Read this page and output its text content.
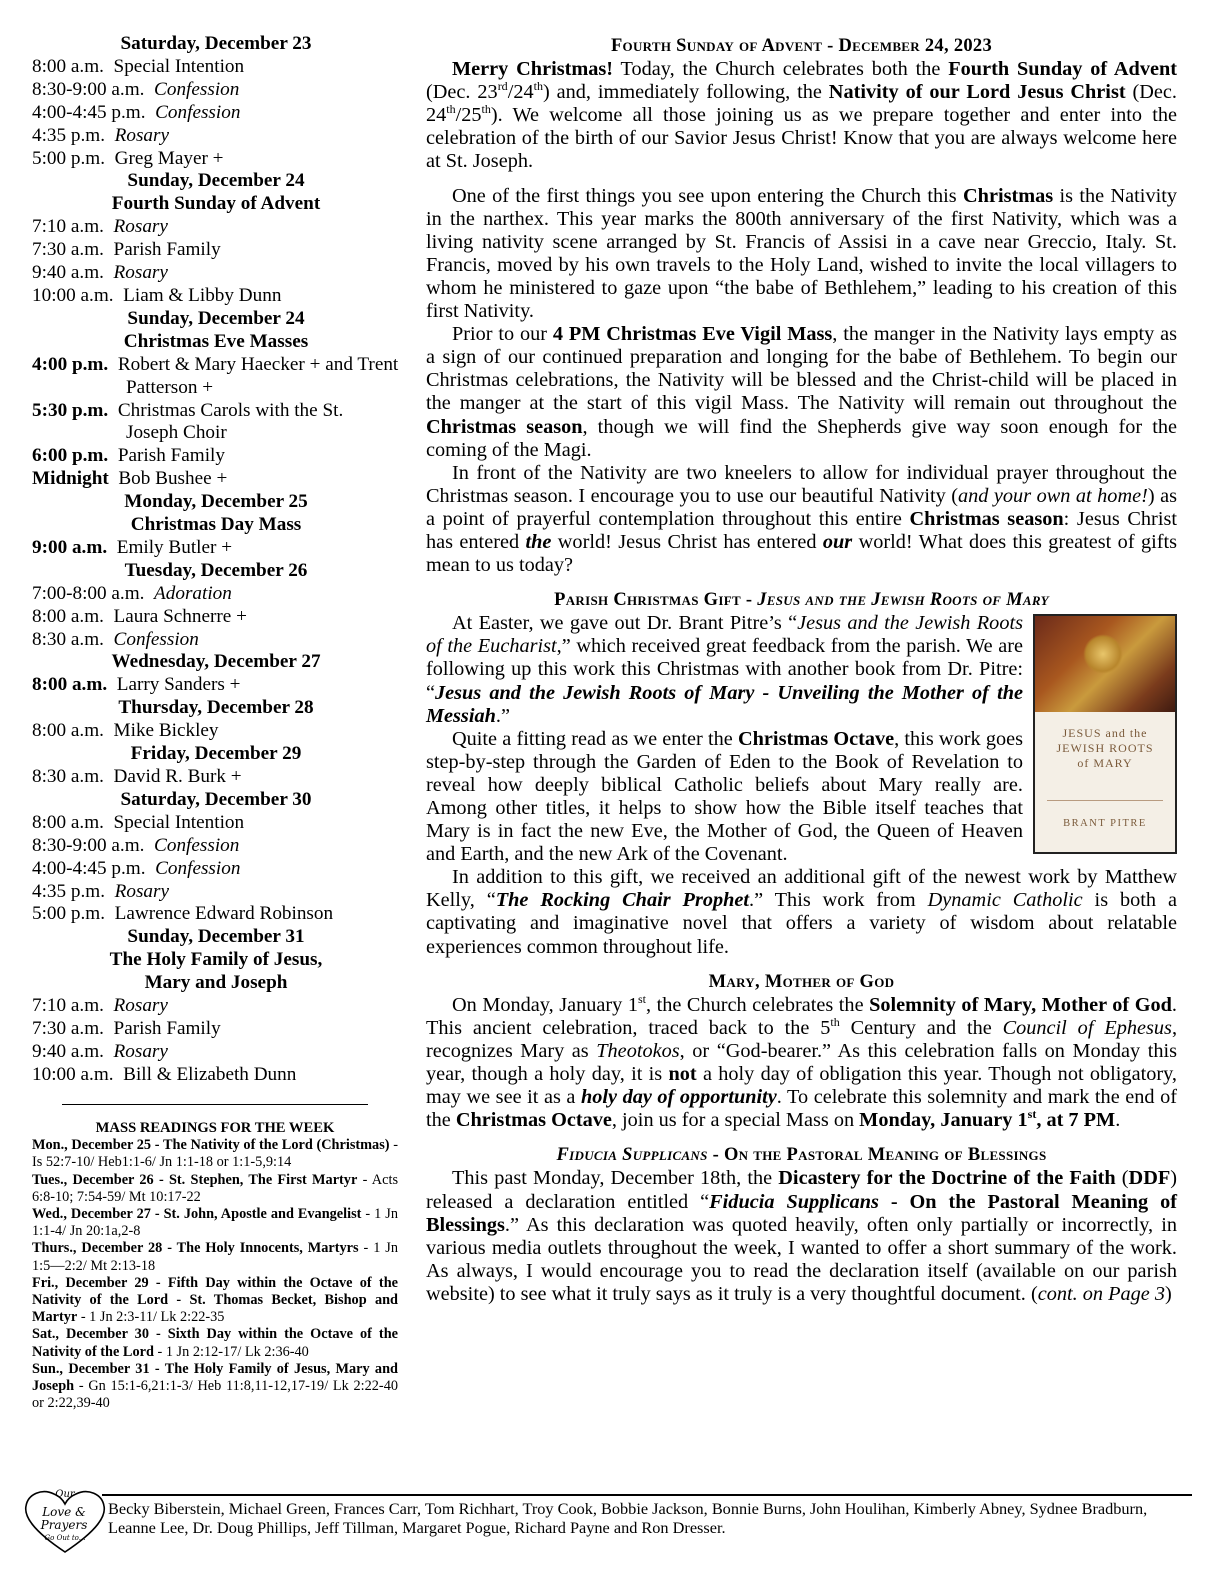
Saturday, December 23
8:00 a.m. Special Intention
8:30-9:00 a.m. Confession
4:00-4:45 p.m. Confession
4:35 p.m. Rosary
5:00 p.m. Greg Mayer +
Sunday, December 24
Fourth Sunday of Advent
7:10 a.m. Rosary
7:30 a.m. Parish Family
9:40 a.m. Rosary
10:00 a.m. Liam & Libby Dunn
Sunday, December 24
Christmas Eve Masses
4:00 p.m. Robert & Mary Haecker + and Trent Patterson +
5:30 p.m. Christmas Carols with the St. Joseph Choir
6:00 p.m. Parish Family
Midnight Bob Bushee +
Monday, December 25
Christmas Day Mass
9:00 a.m. Emily Butler +
Tuesday, December 26
7:00-8:00 a.m. Adoration
8:00 a.m. Laura Schnerre +
8:30 a.m. Confession
Wednesday, December 27
8:00 a.m. Larry Sanders +
Thursday, December 28
8:00 a.m. Mike Bickley
Friday, December 29
8:30 a.m. David R. Burk +
Saturday, December 30
8:00 a.m. Special Intention
8:30-9:00 a.m. Confession
4:00-4:45 p.m. Confession
4:35 p.m. Rosary
5:00 p.m. Lawrence Edward Robinson
Sunday, December 31
The Holy Family of Jesus,
Mary and Joseph
7:10 a.m. Rosary
7:30 a.m. Parish Family
9:40 a.m. Rosary
10:00 a.m. Bill & Elizabeth Dunn
MASS READINGS FOR THE WEEK

Mon., December 25 - The Nativity of the Lord (Christmas) - Is 52:7-10/ Heb1:1-6/ Jn 1:1-18 or 1:1-5,9:14

Tues., December 26 - St. Stephen, The First Martyr - Acts 6:8-10; 7:54-59/ Mt 10:17-22

Wed., December 27 - St. John, Apostle and Evangelist - 1 Jn 1:1-4/ Jn 20:1a,2-8

Thurs., December 28 - The Holy Innocents, Martyrs - 1 Jn 1:5—2:2/ Mt 2:13-18

Fri., December 29 - Fifth Day within the Octave of the Nativity of the Lord - St. Thomas Becket, Bishop and Martyr - 1 Jn 2:3-11/ Lk 2:22-35

Sat., December 30 - Sixth Day within the Octave of the Nativity of the Lord - 1 Jn 2:12-17/ Lk 2:36-40

Sun., December 31 - The Holy Family of Jesus, Mary and Joseph - Gn 15:1-6,21:1-3/ Heb 11:8,11-12,17-19/ Lk 2:22-40 or 2:22,39-40

Fourth Sunday of Advent - December 24, 2023

Merry Christmas! Today, the Church celebrates both the Fourth Sunday of Advent (Dec. 23rd/24th) and, immediately following, the Nativity of our Lord Jesus Christ (Dec. 24th/25th). We welcome all those joining us as we prepare together and enter into the celebration of the birth of our Savior Jesus Christ! Know that you are always welcome here at St. Joseph.

One of the first things you see upon entering the Church this Christmas is the Nativity in the narthex. This year marks the 800th anniversary of the first Nativity, which was a living nativity scene arranged by St. Francis of Assisi in a cave near Greccio, Italy. St. Francis, moved by his own travels to the Holy Land, wished to invite the local villagers to whom he ministered to gaze upon “the babe of Bethlehem,” leading to his creation of this first Nativity.

Prior to our 4 PM Christmas Eve Vigil Mass, the manger in the Nativity lays empty as a sign of our continued preparation and longing for the babe of Bethlehem. To begin our Christmas celebrations, the Nativity will be blessed and the Christ-child will be placed in the manger at the start of this vigil Mass. The Nativity will remain out throughout the Christmas season, though we will find the Shepherds give way soon enough for the coming of the Magi.

In front of the Nativity are two kneelers to allow for individual prayer throughout the Christmas season. I encourage you to use our beautiful Nativity (and your own at home!) as a point of prayerful contemplation throughout this entire Christmas season: Jesus Christ has entered the world! Jesus Christ has entered our world! What does this greatest of gifts mean to us today?

Parish Christmas Gift - Jesus and the Jewish Roots of Mary
JESUS and the
JEWISH ROOTS
of MARY
BRANT PITRE

At Easter, we gave out Dr. Brant Pitre’s “Jesus and the Jewish Roots of the Eucharist,” which received great feedback from the parish. We are following up this work this Christmas with another book from Dr. Pitre: “Jesus and the Jewish Roots of Mary - Unveiling the Mother of the Messiah.”

Quite a fitting read as we enter the Christmas Octave, this work goes step-by-step through the Garden of Eden to the Book of Revelation to reveal how deeply biblical Catholic beliefs about Mary really are. Among other titles, it helps to show how the Bible itself teaches that Mary is in fact the new Eve, the Mother of God, the Queen of Heaven and Earth, and the new Ark of the Covenant.

In addition to this gift, we received an additional gift of the newest work by Matthew Kelly, “The Rocking Chair Prophet.” This work from Dynamic Catholic is both a captivating and imaginative novel that offers a variety of wisdom about relatable experiences common throughout life.

Mary, Mother of God

On Monday, January 1st, the Church celebrates the Solemnity of Mary, Mother of God. This ancient celebration, traced back to the 5th Century and the Council of Ephesus, recognizes Mary as Theotokos, or “God-bearer.” As this celebration falls on Monday this year, though a holy day, it is not a holy day of obligation this year. Though not obligatory, may we see it as a holy day of opportunity. To celebrate this solemnity and mark the end of the Christmas Octave, join us for a special Mass on Monday, January 1st, at 7 PM.

Fiducia Supplicans - On the Pastoral Meaning of Blessings

This past Monday, December 18th, the Dicastery for the Doctrine of the Faith (DDF) released a declaration entitled “Fiducia Supplicans - On the Pastoral Meaning of Blessings.” As this declaration was quoted heavily, often only partially or incorrectly, in various media outlets throughout the week, I wanted to offer a short summary of the work. As always, I would encourage you to read the declaration itself (available on our parish website) to see what it truly says as it truly is a very thoughtful document. (cont. on Page 3)

Our
Love &
Prayers
Go Out to...
Becky Biberstein, Michael Green, Frances Carr, Tom Richhart, Troy Cook, Bobbie Jackson, Bonnie Burns, John Houlihan, Kimberly Abney, Sydnee Bradburn, Leanne Lee, Dr. Doug Phillips, Jeff Tillman, Margaret Pogue, Richard Payne and Ron Dresser.
